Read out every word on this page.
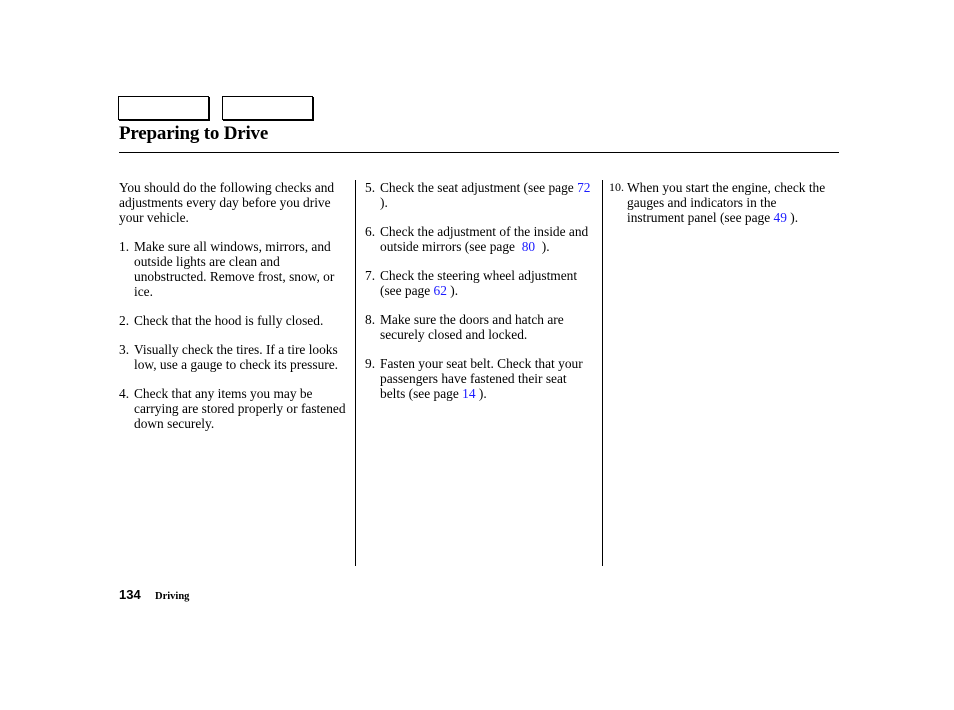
Preparing to Drive

You should do the following checks and adjustments every day before you drive your vehicle.

1. Make sure all windows, mirrors, and outside lights are clean and unobstructed. Remove frost, snow, or ice.
2. Check that the hood is fully closed.
3. Visually check the tires. If a tire looks low, use a gauge to check its pressure.
4. Check that any items you may be carrying are stored properly or fastened down securely.
5. Check the seat adjustment (see page 72 ).
6. Check the adjustment of the inside and outside mirrors (see page  80  ).
7. Check the steering wheel adjustment (see page 62 ).
8. Make sure the doors and hatch are securely closed and locked.
9. Fasten your seat belt. Check that your passengers have fastened their seat belts (see page 14 ).
10. When you start the engine, check the gauges and indicators in the instrument panel (see page 49 ).
134 Driving
